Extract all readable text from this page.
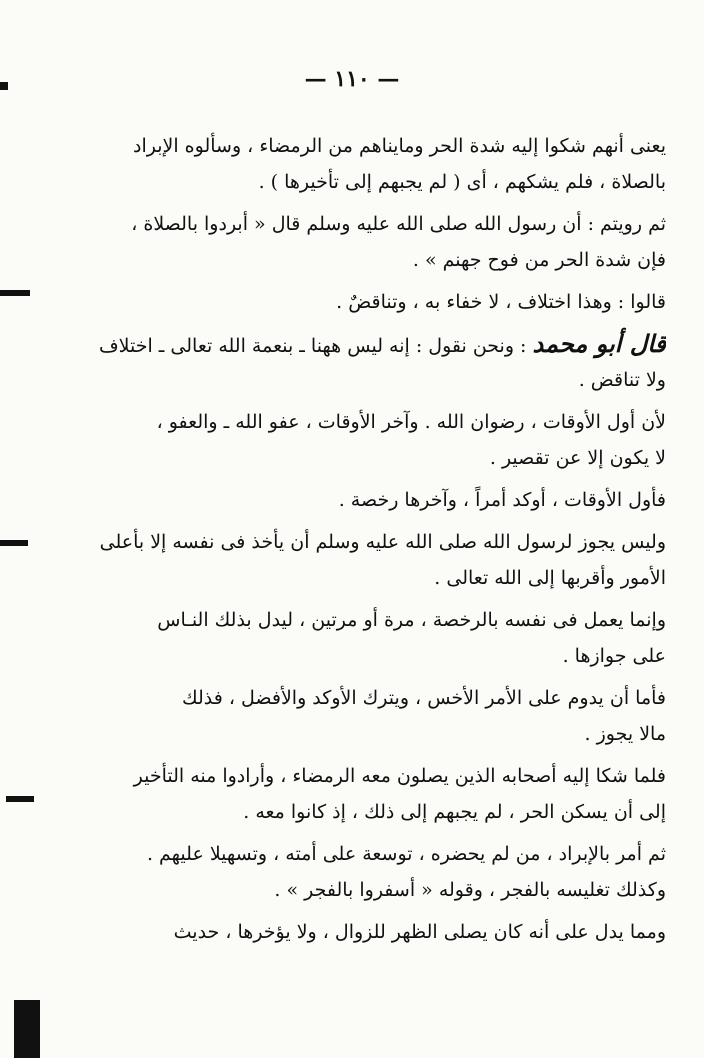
— ١١٠ —
يعنى أنهم شكوا إليه شدة الحر ومايناهم من الرمضاء ، وسألوه الإبراد
بالصلاة ، فلم يشكهم ، أى ( لم يجبهم إلى تأخيرها ) .
ثم رويتم : أن رسول الله صلى الله عليه وسلم قال « أبردوا بالصلاة ،
فإن شدة الحر من فوح جهنم » .
قالوا : وهذا اختلاف ، لا خفاء به ، وتناقضٌ .
قال أبو محمد : ونحن نقول : إنه ليس ههنا ـ بنعمة الله تعالى ـ اختلاف
ولا تناقض .
لأن أول الأوقات ، رضوان الله . وآخر الأوقات ، عفو الله ـ والعفو ،
لا يكون إلا عن تقصير .
فأول الأوقات ، أوكد أمراً ، وآخرها رخصة .
وليس يجوز لرسول الله صلى الله عليه وسلم أن يأخذ فى نفسه إلا بأعلى
الأمور وأقربها إلى الله تعالى .
وإنما يعمل فى نفسه بالرخصة ، مرة أو مرتين ، ليدل بذلك النـاس
على جوازها .
فأما أن يدوم على الأمر الأخس ، ويترك الأوكد والأفضل ، فذلك
مالا يجوز .
فلما شكا إليه أصحابه الذين يصلون معه الرمضاء ، وأرادوا منه التأخير
إلى أن يسكن الحر ، لم يجبهم إلى ذلك ، إذ كانوا معه .
ثم أمر بالإبراد ، من لم يحضره ، توسعة على أمته ، وتسهيلا عليهم .
وكذلك تغليسه بالفجر ، وقوله « أسفروا بالفجر » .
ومما يدل على أنه كان يصلى الظهر للزوال ، ولا يؤخرها ، حديث
